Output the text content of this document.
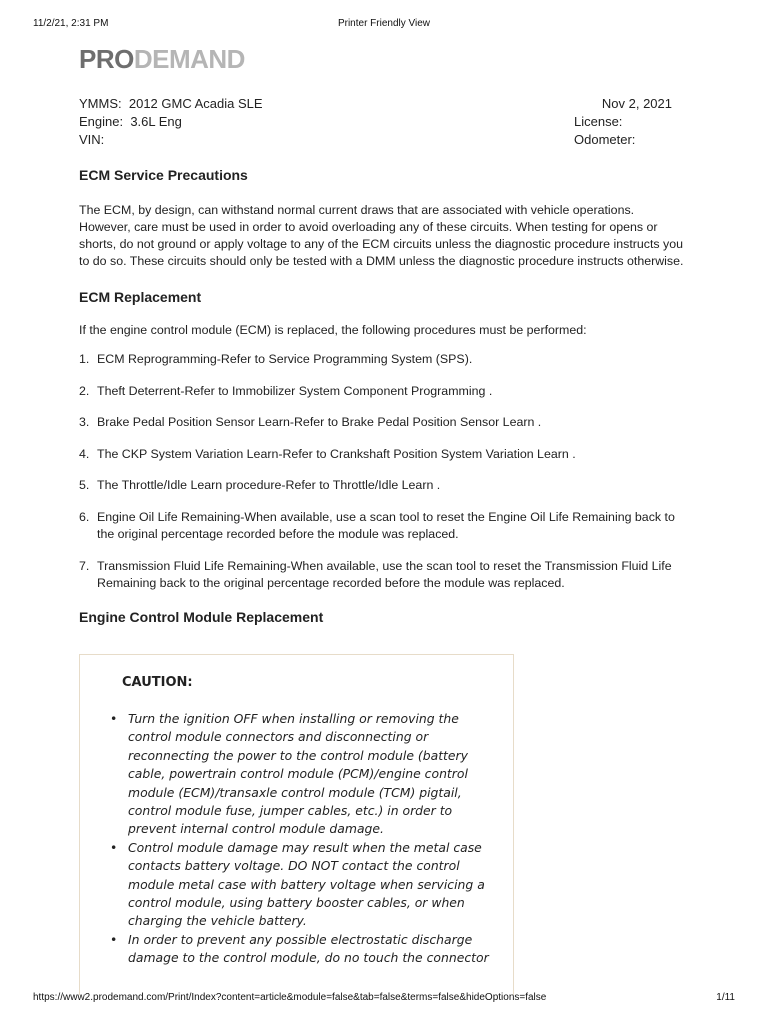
11/2/21, 2:31 PM	Printer Friendly View
PRODEMAND
YMMS: 2012 GMC Acadia SLE	Nov 2, 2021
Engine: 3.6L Eng	License:
VIN:	Odometer:
ECM Service Precautions

The ECM, by design, can withstand normal current draws that are associated with vehicle operations. However, care must be used in order to avoid overloading any of these circuits. When testing for opens or shorts, do not ground or apply voltage to any of the ECM circuits unless the diagnostic procedure instructs you to do so. These circuits should only be tested with a DMM unless the diagnostic procedure instructs otherwise.

ECM Replacement

If the engine control module (ECM) is replaced, the following procedures must be performed:

1. ECM Reprogramming-Refer to Service Programming System (SPS).
2. Theft Deterrent-Refer to Immobilizer System Component Programming .
3. Brake Pedal Position Sensor Learn-Refer to Brake Pedal Position Sensor Learn .
4. The CKP System Variation Learn-Refer to Crankshaft Position System Variation Learn .
5. The Throttle/Idle Learn procedure-Refer to Throttle/Idle Learn .
6. Engine Oil Life Remaining-When available, use a scan tool to reset the Engine Oil Life Remaining back to the original percentage recorded before the module was replaced.
7. Transmission Fluid Life Remaining-When available, use the scan tool to reset the Transmission Fluid Life Remaining back to the original percentage recorded before the module was replaced.
Engine Control Module Replacement
CAUTION:
• Turn the ignition OFF when installing or removing the control module connectors and disconnecting or reconnecting the power to the control module (battery cable, powertrain control module (PCM)/engine control module (ECM)/transaxle control module (TCM) pigtail, control module fuse, jumper cables, etc.) in order to prevent internal control module damage.
• Control module damage may result when the metal case contacts battery voltage. DO NOT contact the control module metal case with battery voltage when servicing a control module, using battery booster cables, or when charging the vehicle battery.
• In order to prevent any possible electrostatic discharge damage to the control module, do no touch the connector
https://www2.prodemand.com/Print/Index?content=article&module=false&tab=false&terms=false&hideOptions=false	1/11
